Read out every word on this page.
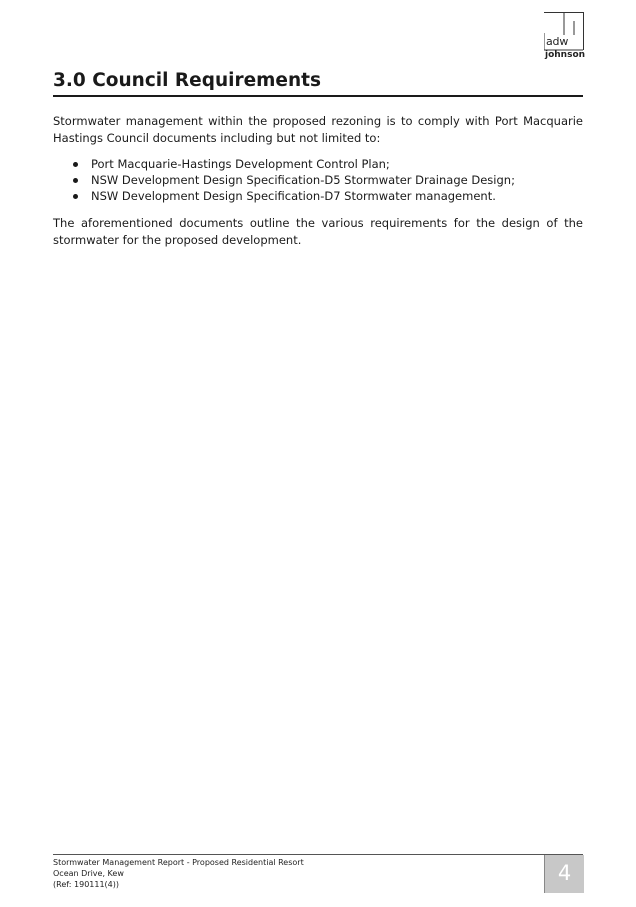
adw
johnson
3.0 Council Requirements
Stormwater management within the proposed rezoning is to comply with Port Macquarie Hastings Council documents including but not limited to:
Port Macquarie-Hastings Development Control Plan;
NSW Development Design Specification-D5 Stormwater Drainage Design;
NSW Development Design Specification-D7 Stormwater management.
The aforementioned documents outline the various requirements for the design of the stormwater for the proposed development.
Stormwater Management Report - Proposed Residential Resort
Ocean Drive, Kew
(Ref: 190111(4))	4
